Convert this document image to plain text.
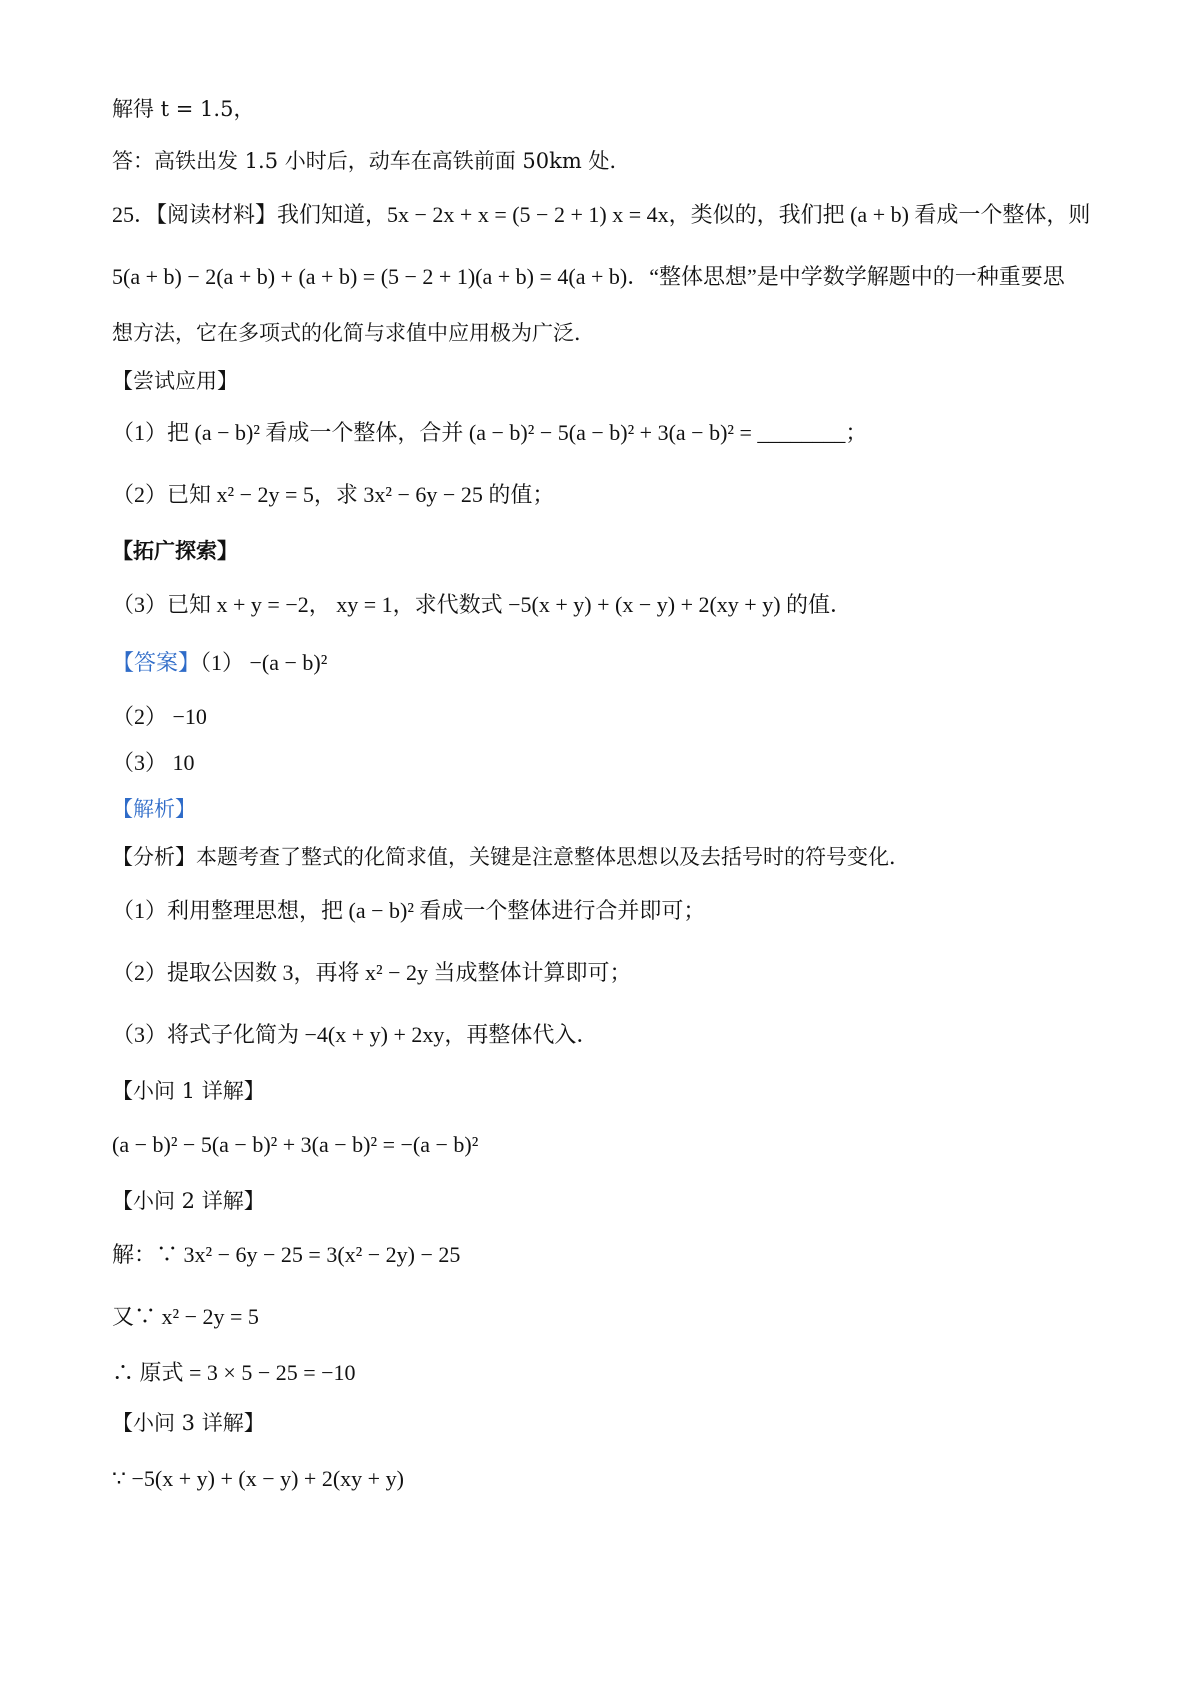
解得 t = 1.5，
答：高铁出发 1.5 小时后，动车在高铁前面 50km 处．
25．【阅读材料】我们知道，5x − 2x + x = (5 − 2 + 1) x = 4x，类似的，我们把 (a + b) 看成一个整体，则
5(a + b) − 2(a + b) + (a + b) = (5 − 2 + 1)(a + b) = 4(a + b)．“整体思想”是中学数学解题中的一种重要思
想方法，它在多项式的化简与求值中应用极为广泛．
【尝试应用】
（1）把 (a − b)² 看成一个整体，合并 (a − b)² − 5(a − b)² + 3(a − b)² = ________；
（2）已知 x² − 2y = 5，求 3x² − 6y − 25 的值；
【拓广探索】
（3）已知 x + y = −2， xy = 1，求代数式 −5(x + y) + (x − y) + 2(xy + y) 的值．
【答案】（1） −(a − b)²
（2） −10
（3） 10
【解析】
【分析】本题考查了整式的化简求值，关键是注意整体思想以及去括号时的符号变化．
（1）利用整理思想，把 (a − b)² 看成一个整体进行合并即可；
（2）提取公因数 3，再将 x² − 2y 当成整体计算即可；
（3）将式子化简为 −4(x + y) + 2xy，再整体代入．
【小问 1 详解】
(a − b)² − 5(a − b)² + 3(a − b)² = −(a − b)²
【小问 2 详解】
解：∵ 3x² − 6y − 25 = 3(x² − 2y) − 25
又∵ x² − 2y = 5
∴ 原式 = 3 × 5 − 25 = −10
【小问 3 详解】
∵ −5(x + y) + (x − y) + 2(xy + y)
